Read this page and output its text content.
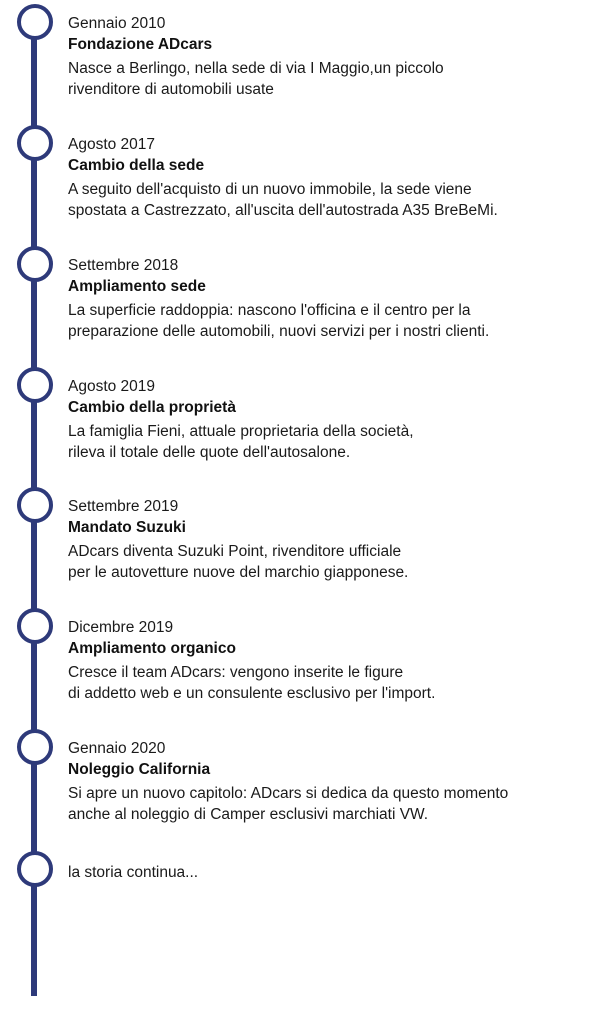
Gennaio 2010
Fondazione ADcars
Nasce a Berlingo, nella sede di via I Maggio,un piccolo
rivenditore di automobili usate
Agosto 2017
Cambio della sede
A seguito dell'acquisto di un nuovo immobile, la sede viene
spostata a Castrezzato, all'uscita dell'autostrada A35 BreBeMi.
Settembre 2018
Ampliamento sede
La superficie raddoppia: nascono l'officina e il centro per la
preparazione delle automobili, nuovi servizi per i nostri clienti.
Agosto 2019
Cambio della proprietà
La famiglia Fieni, attuale proprietaria della società,
rileva il totale delle quote dell'autosalone.
Settembre 2019
Mandato Suzuki
ADcars diventa Suzuki Point, rivenditore ufficiale
per le autovetture nuove del marchio giapponese.
Dicembre 2019
Ampliamento organico
Cresce il team ADcars: vengono inserite le figure
di addetto web e un consulente esclusivo per l'import.
Gennaio 2020
Noleggio California
Si apre un nuovo capitolo: ADcars si dedica da questo momento
anche al noleggio di Camper esclusivi marchiati VW.
la storia continua...
